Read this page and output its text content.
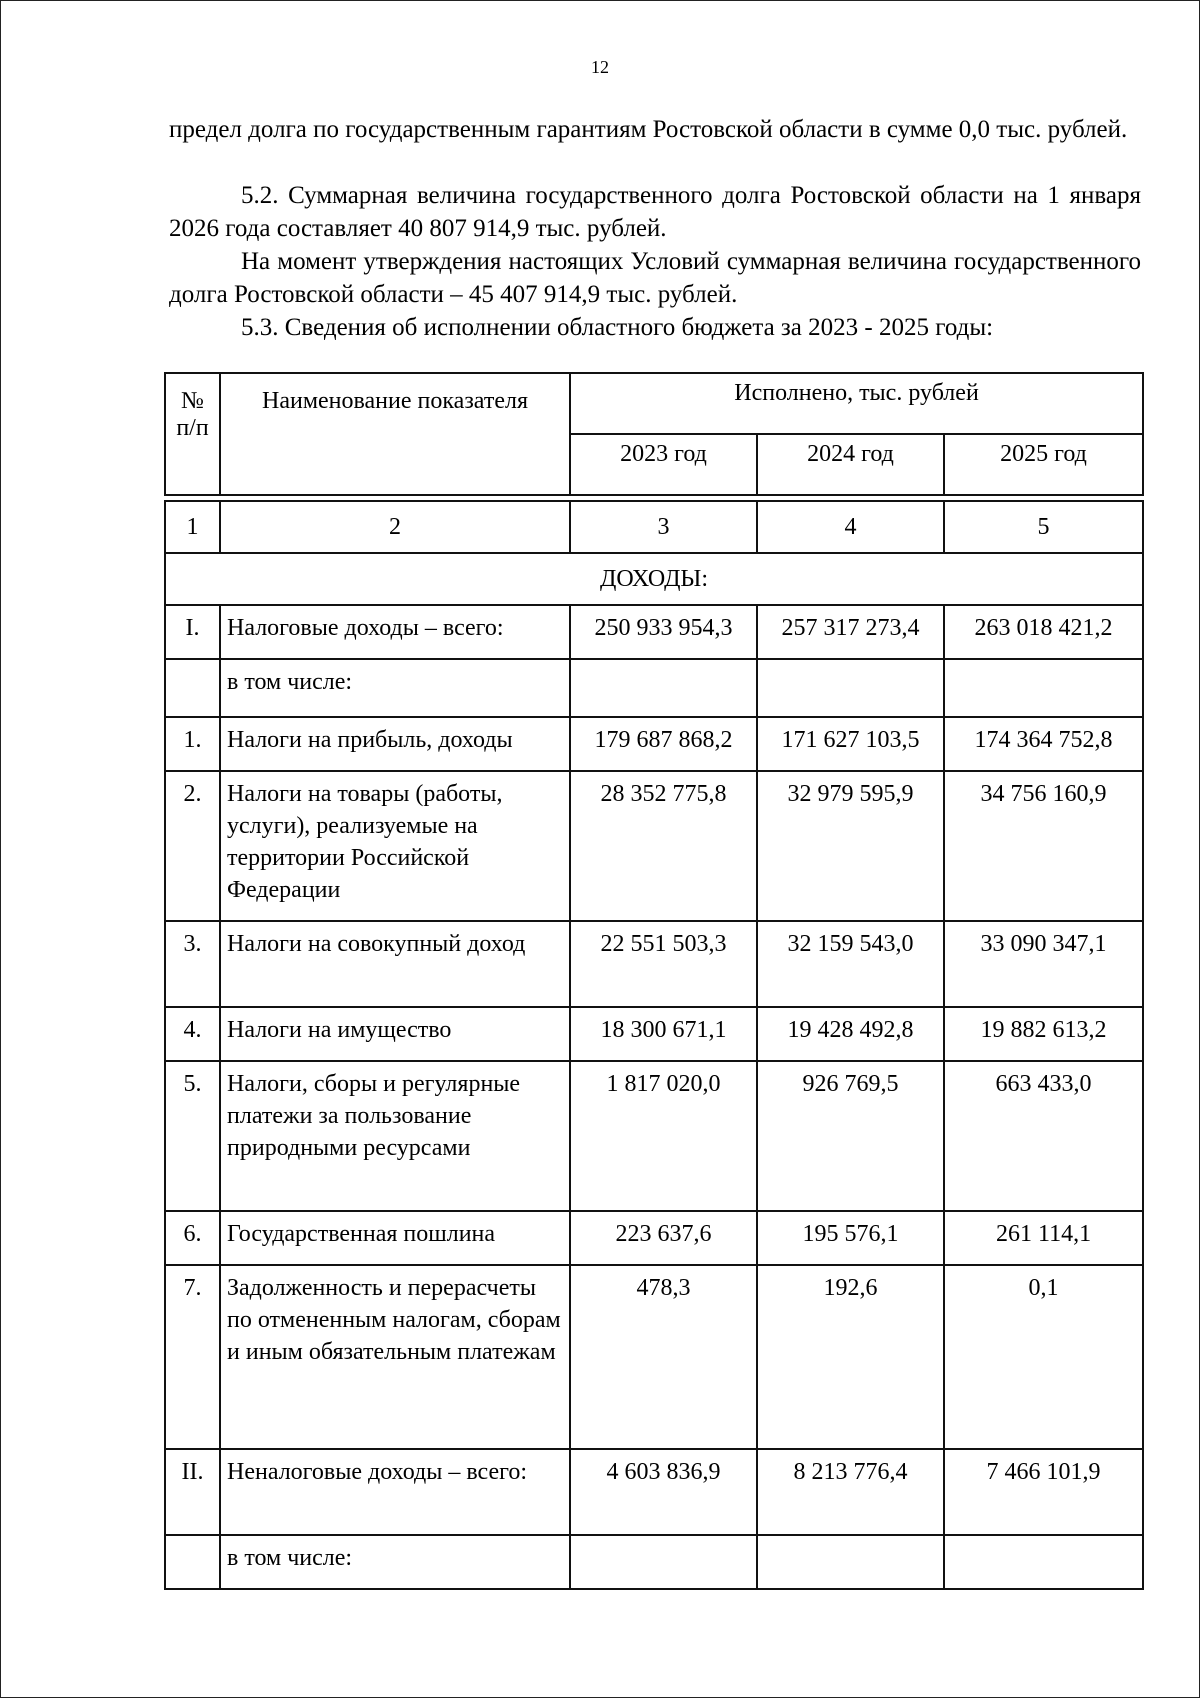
12

предел долга по государственным гарантиям Ростовской области в сумме 0,0 тыс. рублей.

5.2. Суммарная величина государственного долга Ростовской области на 1 января 2026 года составляет 40 807 914,9 тыс. рублей.

На момент утверждения настоящих Условий суммарная величина государственного долга Ростовской области – 45 407 914,9 тыс. рублей.

5.3. Сведения об исполнении областного бюджета за 2023 - 2025 годы:

№ п/п	Наименование показателя	Исполнено, тыс. рублей		
		2023 год	2024 год	2025 год

1	2	3	4	5
ДОХОДЫ:				
I.	Налоговые доходы – всего:	250 933 954,3	257 317 273,4	263 018 421,2
	в том числе:			
1.	Налоги на прибыль, доходы	179 687 868,2	171 627 103,5	174 364 752,8
2.	Налоги на товары (работы, услуги), реализуемые на территории Российской Федерации	28 352 775,8	32 979 595,9	34 756 160,9
3.	Налоги на совокупный доход	22 551 503,3	32 159 543,0	33 090 347,1
4.	Налоги на имущество	18 300 671,1	19 428 492,8	19 882 613,2
5.	Налоги, сборы и регулярные платежи за пользование природными ресурсами	1 817 020,0	926 769,5	663 433,0
6.	Государственная пошлина	223 637,6	195 576,1	261 114,1
7.	Задолженность и перерасчеты по отмененным налогам, сборам и иным обязательным платежам	478,3	192,6	0,1
II.	Неналоговые доходы – всего:	4 603 836,9	8 213 776,4	7 466 101,9
	в том числе:			
